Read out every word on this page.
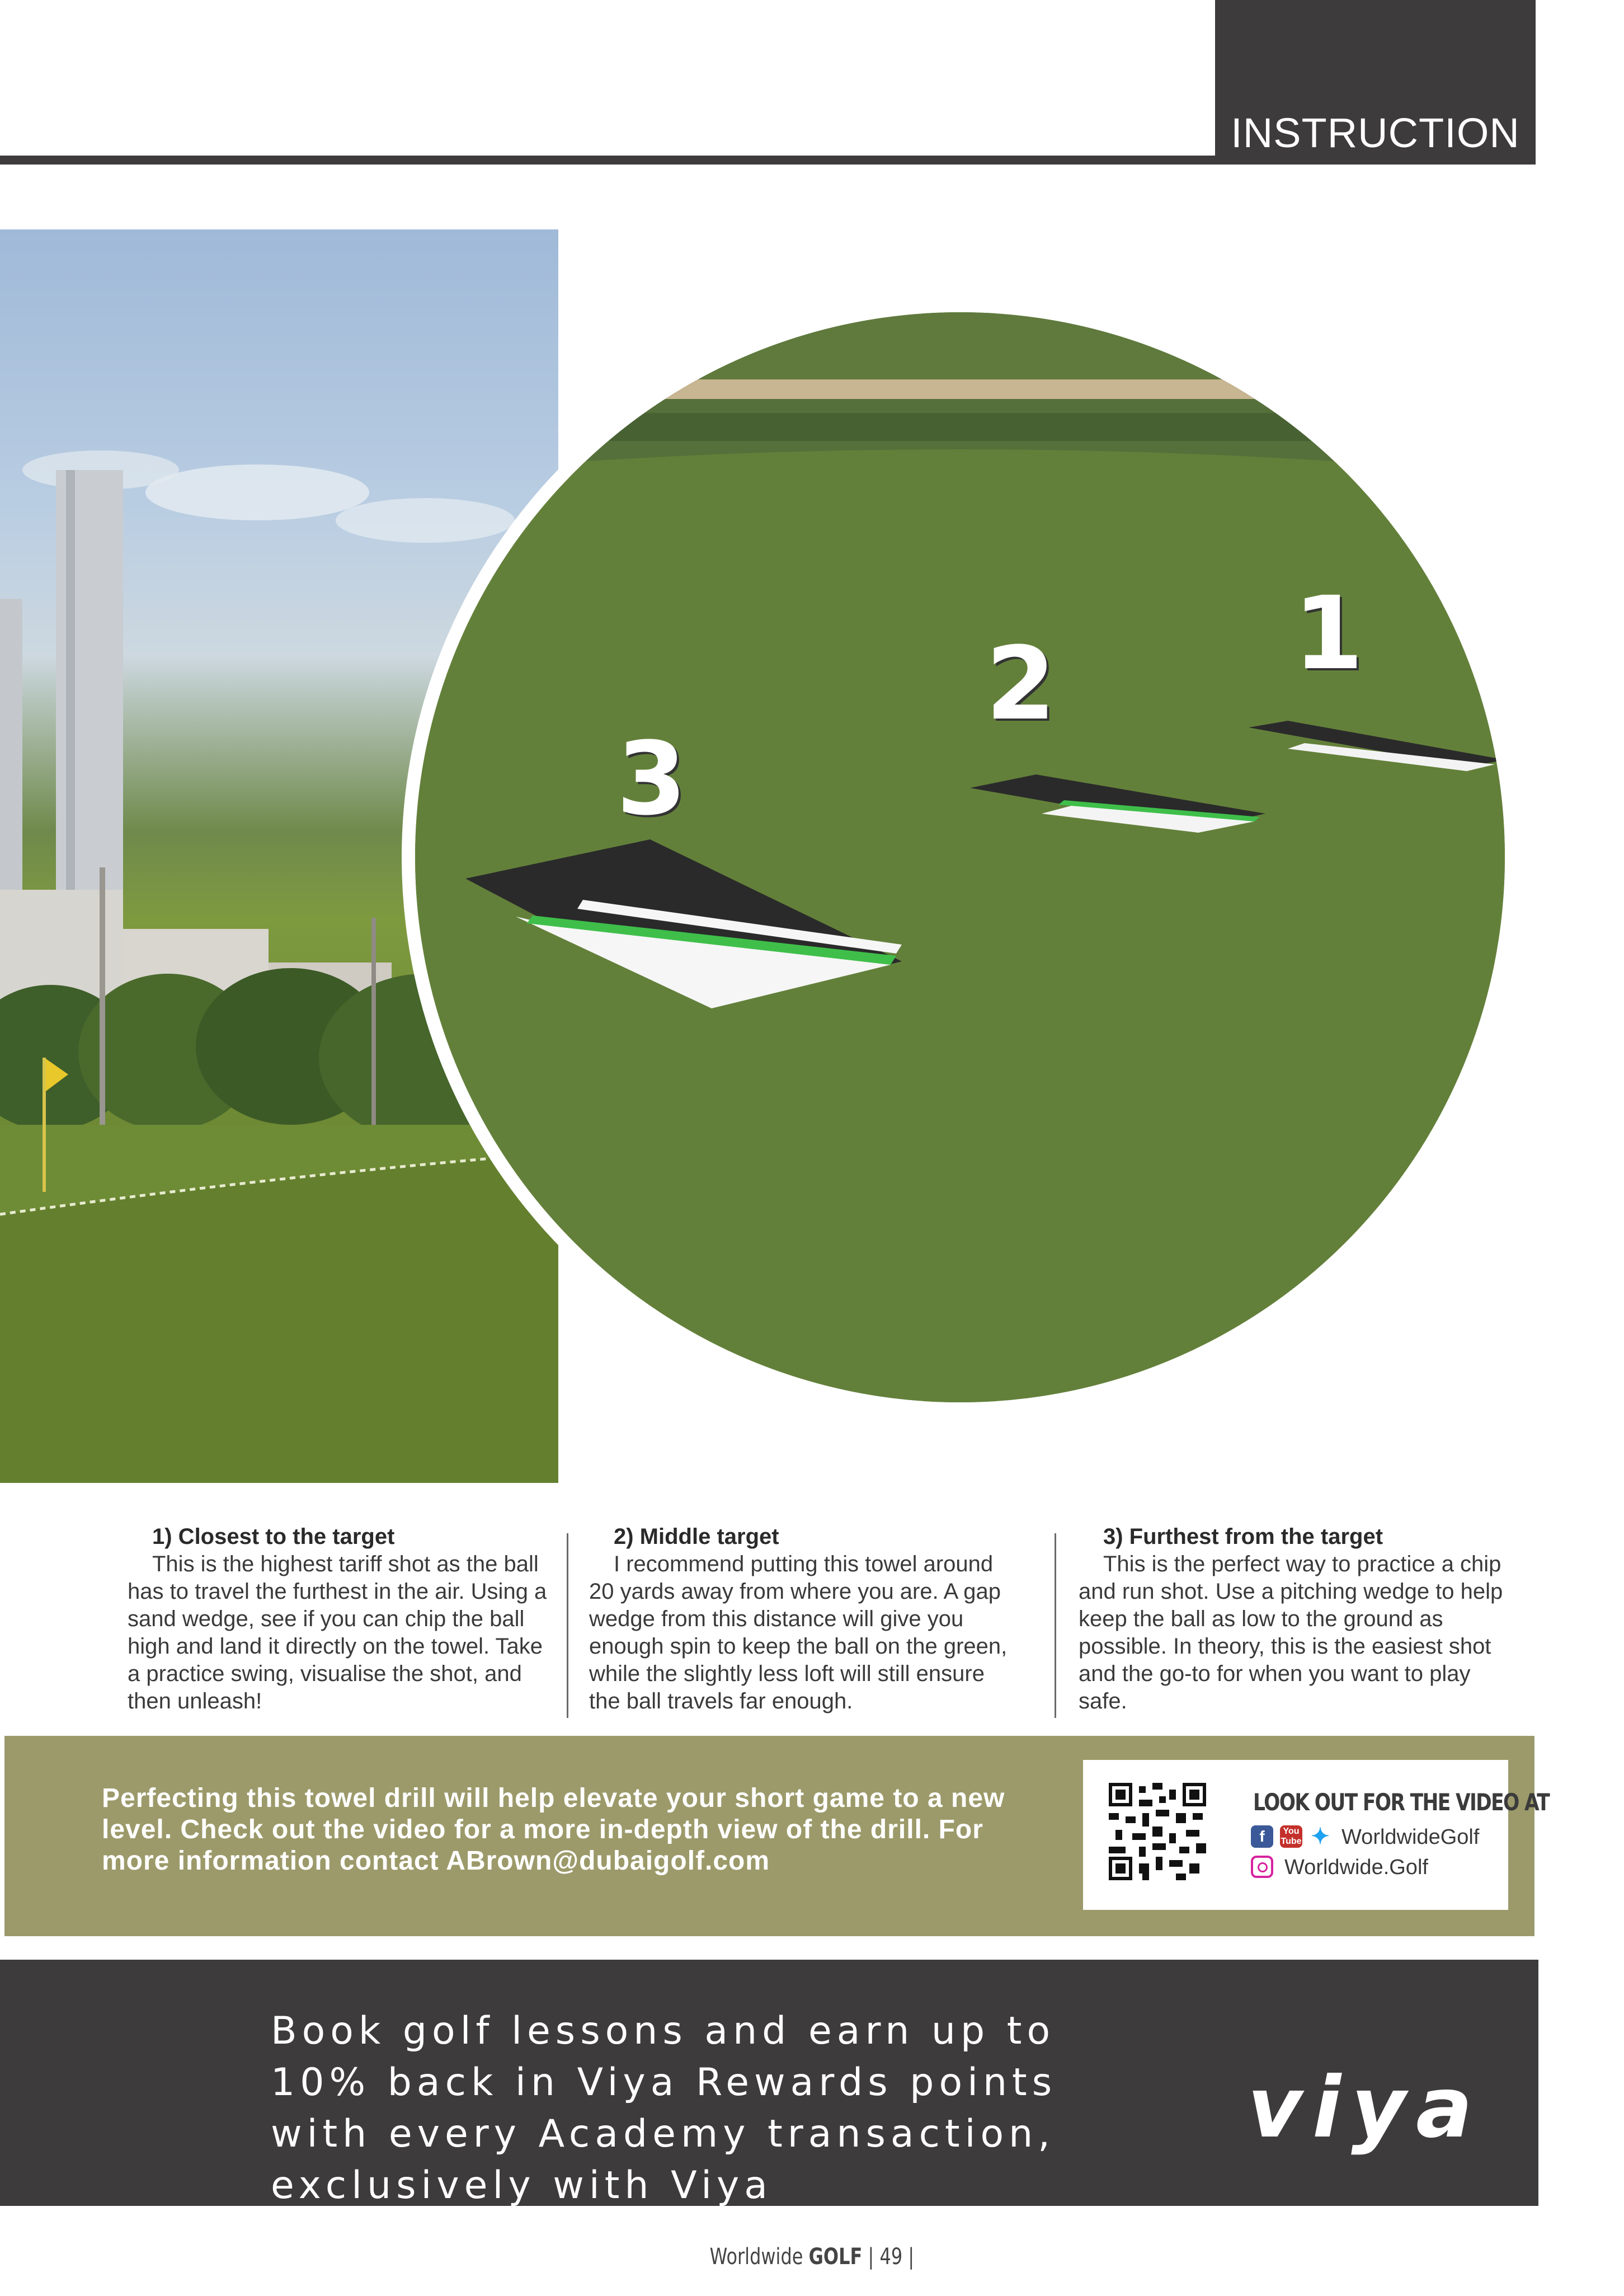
INSTRUCTION
1
2
3
1) Closest to the target
This is the highest tariff shot as the ball has to travel the furthest in the air. Using a sand wedge, see if you can chip the ball high and land it directly on the towel. Take a practice swing, visualise the shot, and then unleash!
2) Middle target
I recommend putting this towel around 20 yards away from where you are. A gap wedge from this distance will give you enough spin to keep the ball on the green, while the slightly less loft will still ensure the ball travels far enough.
3) Furthest from the target
This is the perfect way to practice a chip and run shot. Use a pitching wedge to help keep the ball as low to the ground as possible. In theory, this is the easiest shot and the go-to for when you want to play safe.
Perfecting this towel drill will help elevate your short game to a new level. Check out the video for a more in-depth view of the drill. For more information contact ABrown@dubaigolf.com
LOOK OUT FOR THE VIDEO AT
f	You
Tube ✦ WorldwideGolf
Worldwide.Golf
Book golf lessons and earn up to 10% back in Viya Rewards points with every Academy transaction, exclusively with Viya
viya
Worldwide GOLF | 49 |
